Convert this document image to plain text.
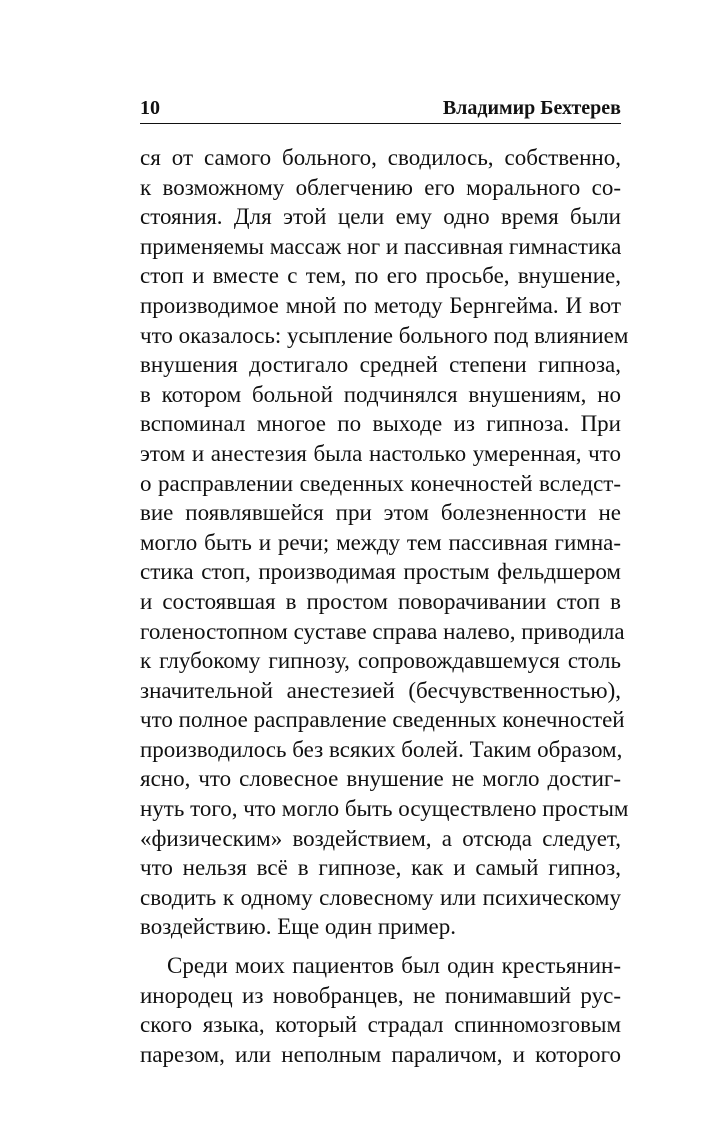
10	Владимир Бехтерев
ся от самого больного, сводилось, собственно,
к возможному облегчению его морального со-
стояния. Для этой цели ему одно время были
применяемы массаж ног и пассивная гимнастика
стоп и вместе с тем, по его просьбе, внушение,
производимое мной по методу Бернгейма. И вот
что оказалось: усыпление больного под влиянием
внушения достигало средней степени гипноза,
в котором больной подчинялся внушениям, но
вспоминал многое по выходе из гипноза. При
этом и анестезия была настолько умеренная, что
о расправлении сведенных конечностей вследст-
вие появлявшейся при этом болезненности не
могло быть и речи; между тем пассивная гимна-
стика стоп, производимая простым фельдшером
и состоявшая в простом поворачивании стоп в
голеностопном суставе справа налево, приводила
к глубокому гипнозу, сопровождавшемуся столь
значительной анестезией (бесчувственностью),
что полное расправление сведенных конечностей
производилось без всяких болей. Таким образом,
ясно, что словесное внушение не могло достиг-
нуть того, что могло быть осуществлено простым
«физическим» воздействием, а отсюда следует,
что нельзя всё в гипнозе, как и самый гипноз,
сводить к одному словесному или психическому
воздействию. Еще один пример.
Среди моих пациентов был один крестьянин-
инородец из новобранцев, не понимавший рус-
ского языка, который страдал спинномозговым
парезом, или неполным параличом, и которого
